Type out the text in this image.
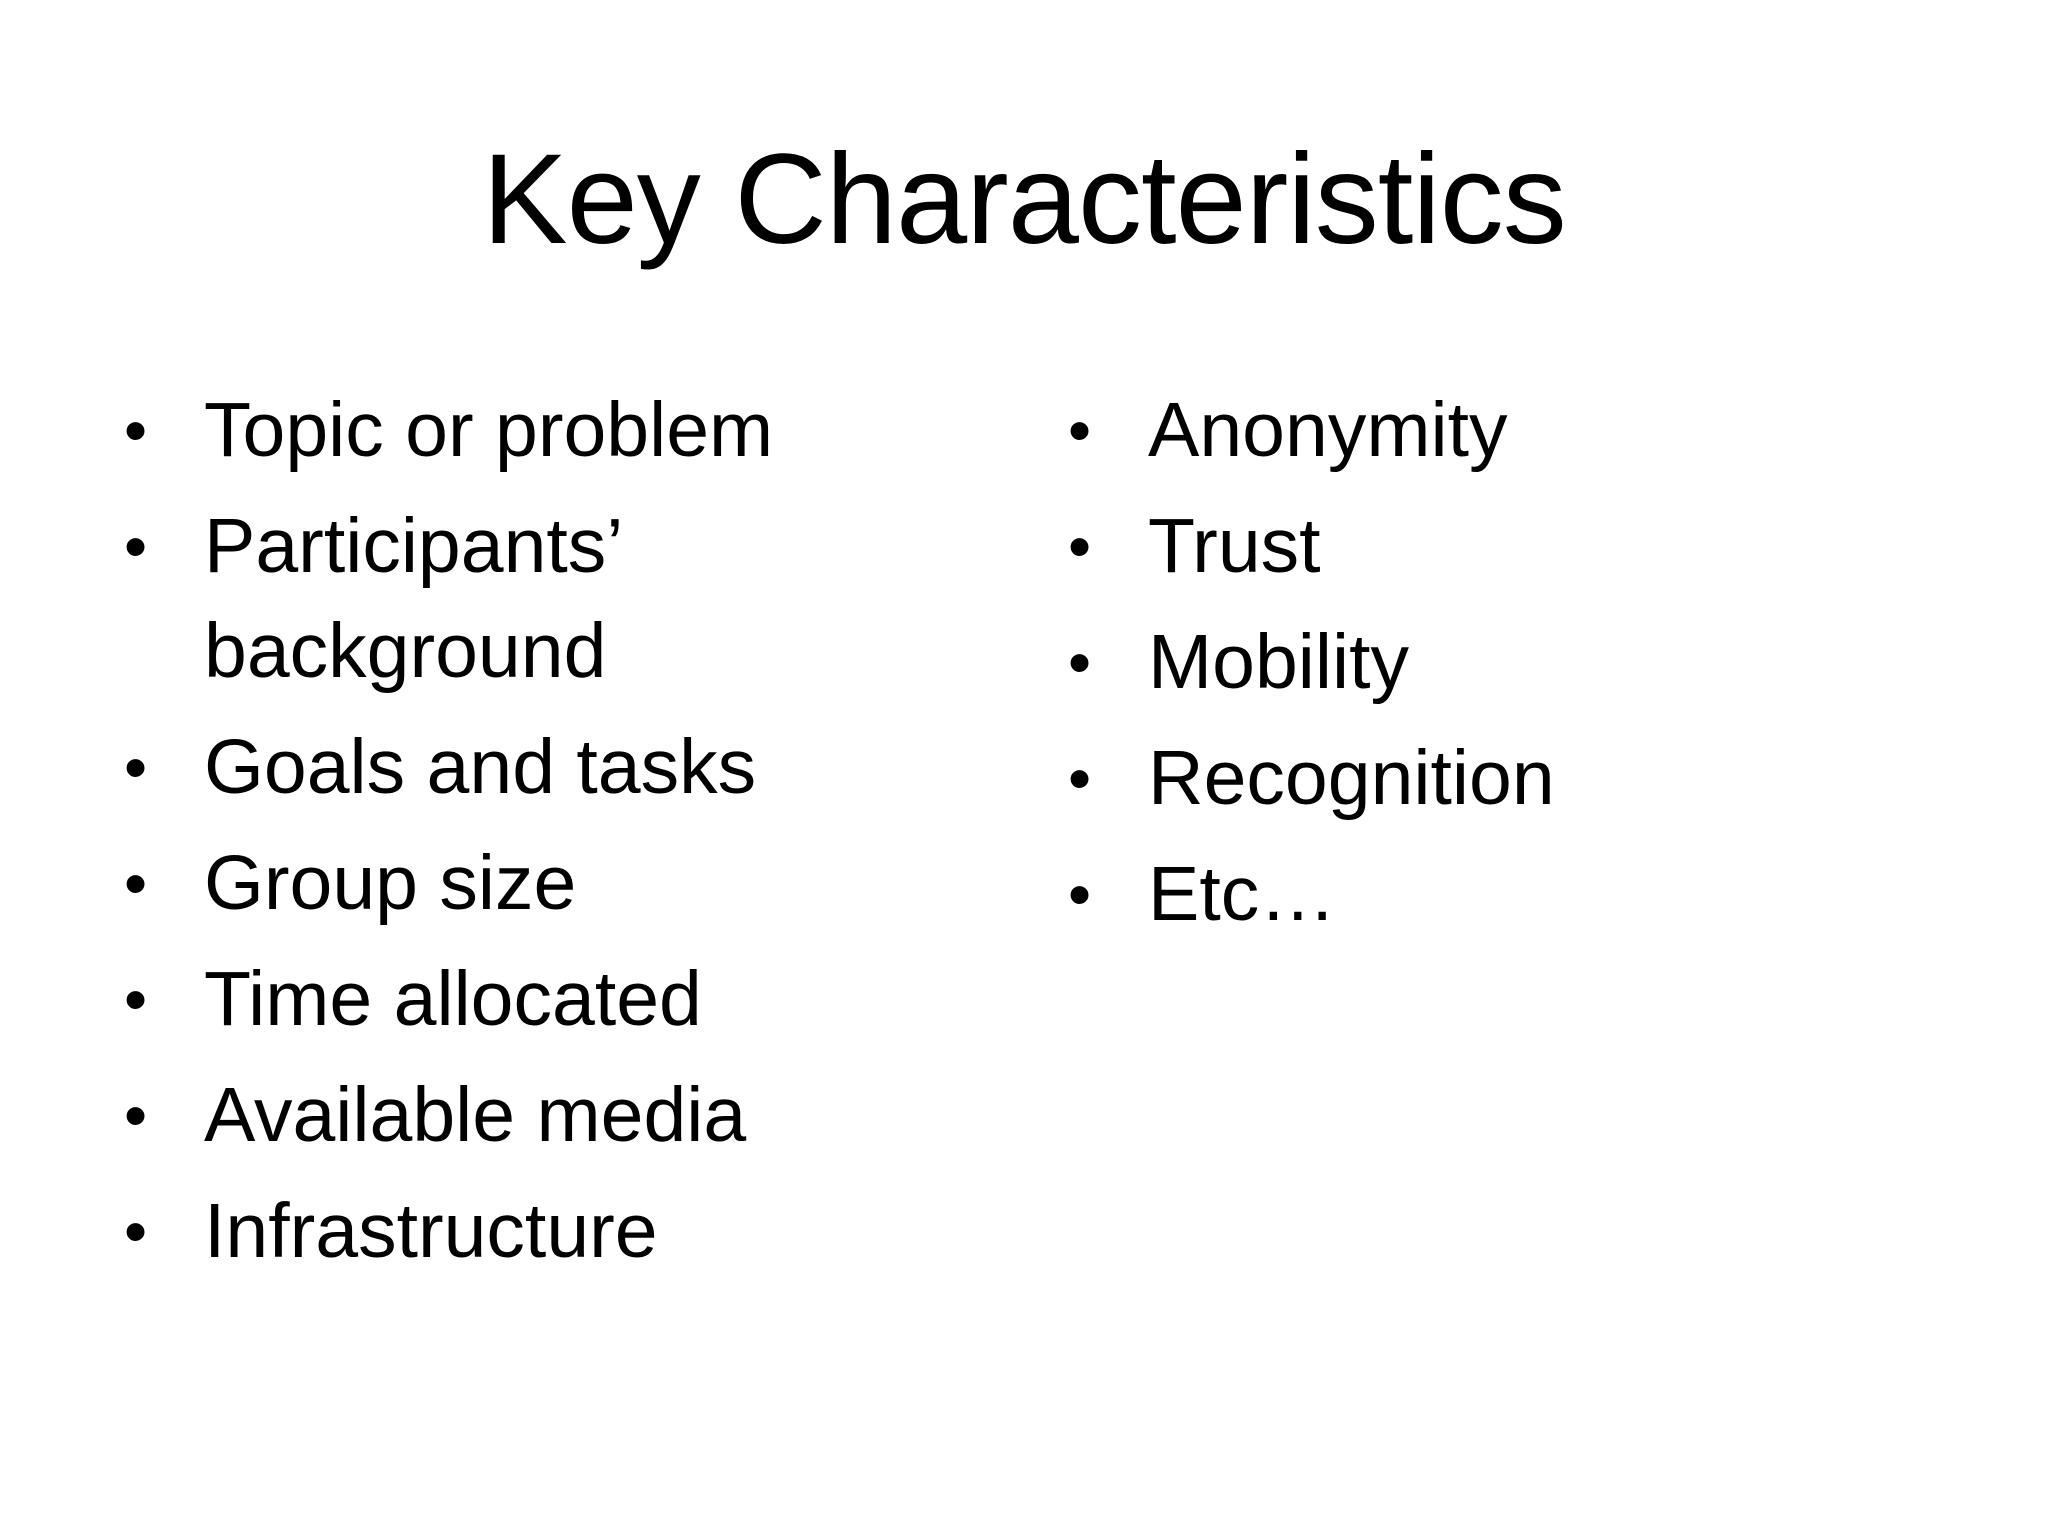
Key Characteristics
• Topic or problem
• Participants’ background
• Goals and tasks
• Group size
• Time allocated
• Available media
• Infrastructure
• Anonymity
• Trust
• Mobility
• Recognition
• Etc…
